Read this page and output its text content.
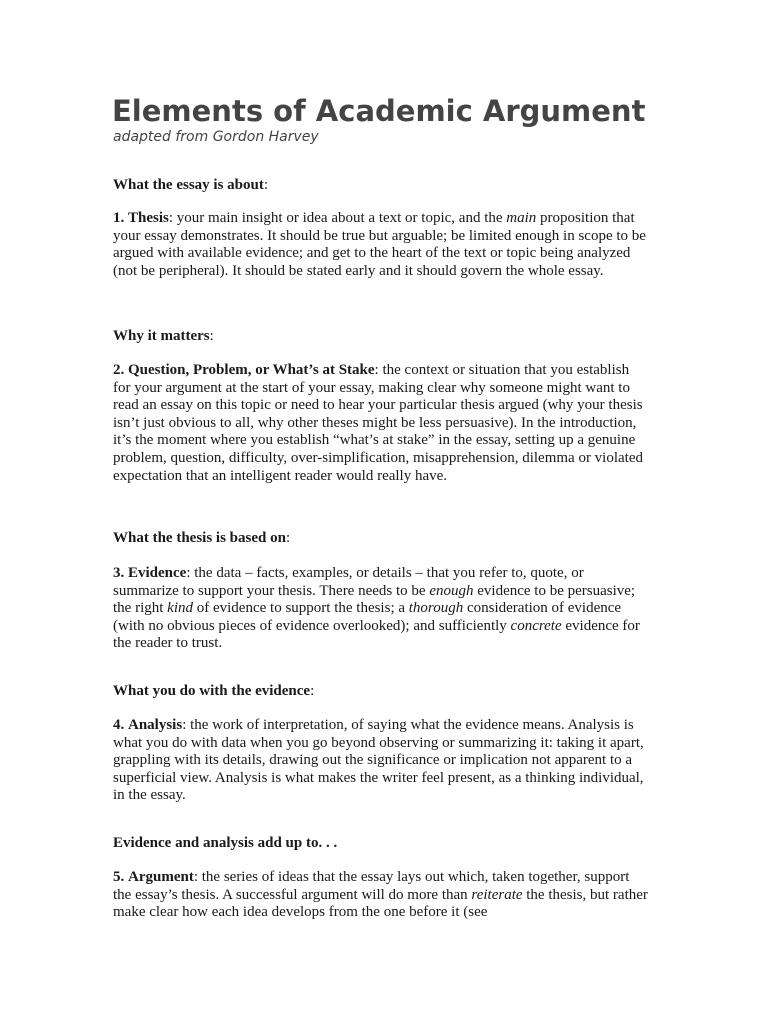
Elements of Academic Argument
adapted from Gordon Harvey
What the essay is about:
1. Thesis: your main insight or idea about a text or topic, and the main proposition that your essay demonstrates. It should be true but arguable; be limited enough in scope to be argued with available evidence; and get to the heart of the text or topic being analyzed (not be peripheral). It should be stated early and it should govern the whole essay.
Why it matters:
2. Question, Problem, or What’s at Stake: the context or situation that you establish for your argument at the start of your essay, making clear why someone might want to read an essay on this topic or need to hear your particular thesis argued (why your thesis isn’t just obvious to all, why other theses might be less persuasive). In the introduction, it’s the moment where you establish “what’s at stake” in the essay, setting up a genuine problem, question, difficulty, over-simplification, misapprehension, dilemma or violated expectation that an intelligent reader would really have.
What the thesis is based on:
3. Evidence: the data – facts, examples, or details – that you refer to, quote, or summarize to support your thesis. There needs to be enough evidence to be persuasive; the right kind of evidence to support the thesis; a thorough consideration of evidence (with no obvious pieces of evidence overlooked); and sufficiently concrete evidence for the reader to trust.
What you do with the evidence:
4. Analysis: the work of interpretation, of saying what the evidence means. Analysis is what you do with data when you go beyond observing or summarizing it: taking it apart, grappling with its details, drawing out the significance or implication not apparent to a superficial view. Analysis is what makes the writer feel present, as a thinking individual, in the essay.
Evidence and analysis add up to. . .
5. Argument: the series of ideas that the essay lays out which, taken together, support the essay’s thesis. A successful argument will do more than reiterate the thesis, but rather make clear how each idea develops from the one before it (see
